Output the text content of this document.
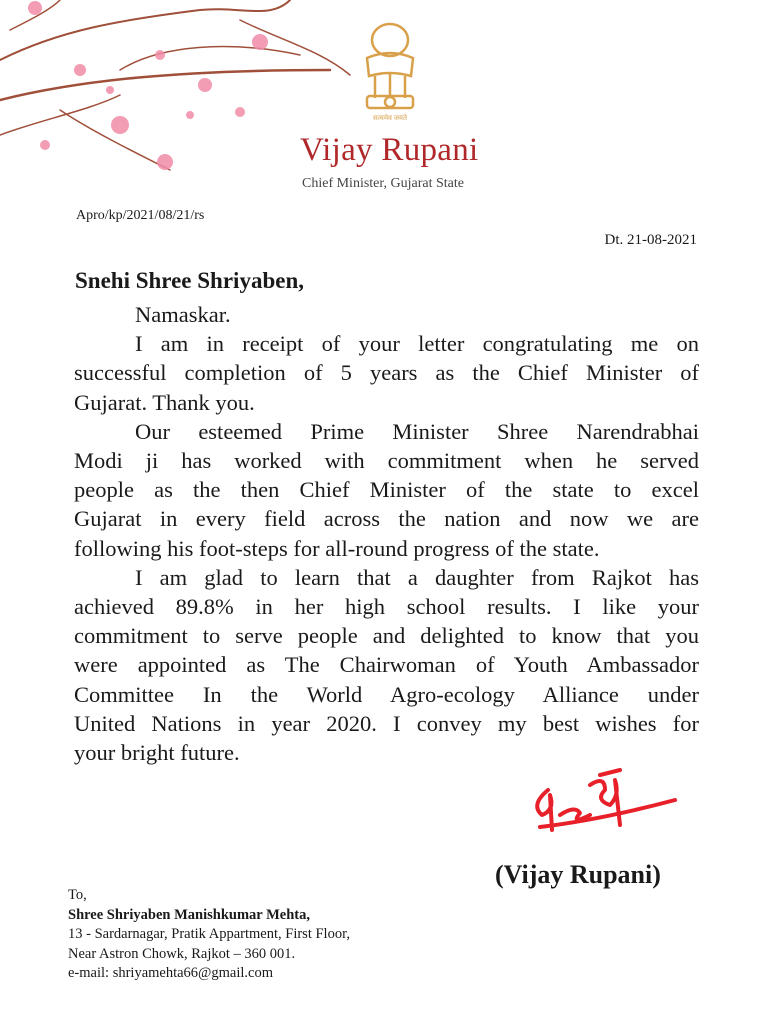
सत्यमेव जयते
Vijay Rupani
Chief Minister, Gujarat State
Apro/kp/2021/08/21/rs
Dt. 21-08-2021
Snehi Shree Shriyaben,
Namaskar.
I am in receipt of your letter congratulating me on
successful completion of 5 years as the Chief Minister of
Gujarat. Thank you.
Our esteemed Prime Minister Shree Narendrabhai
Modi ji has worked with commitment when he served
people as the then Chief Minister of the state to excel
Gujarat in every field across the nation and now we are
following his foot-steps for all-round progress of the state.
I am glad to learn that a daughter from Rajkot has
achieved 89.8% in her high school results. I like your
commitment to serve people and delighted to know that you
were appointed as The Chairwoman of Youth Ambassador
Committee In the World Agro-ecology Alliance under
United Nations in year 2020. I convey my best wishes for
your bright future.
(Vijay Rupani)
To,
Shree Shriyaben Manishkumar Mehta,
13 - Sardarnagar, Pratik Appartment, First Floor,
Near Astron Chowk, Rajkot – 360 001.
e-mail: shriyamehta66@gmail.com
